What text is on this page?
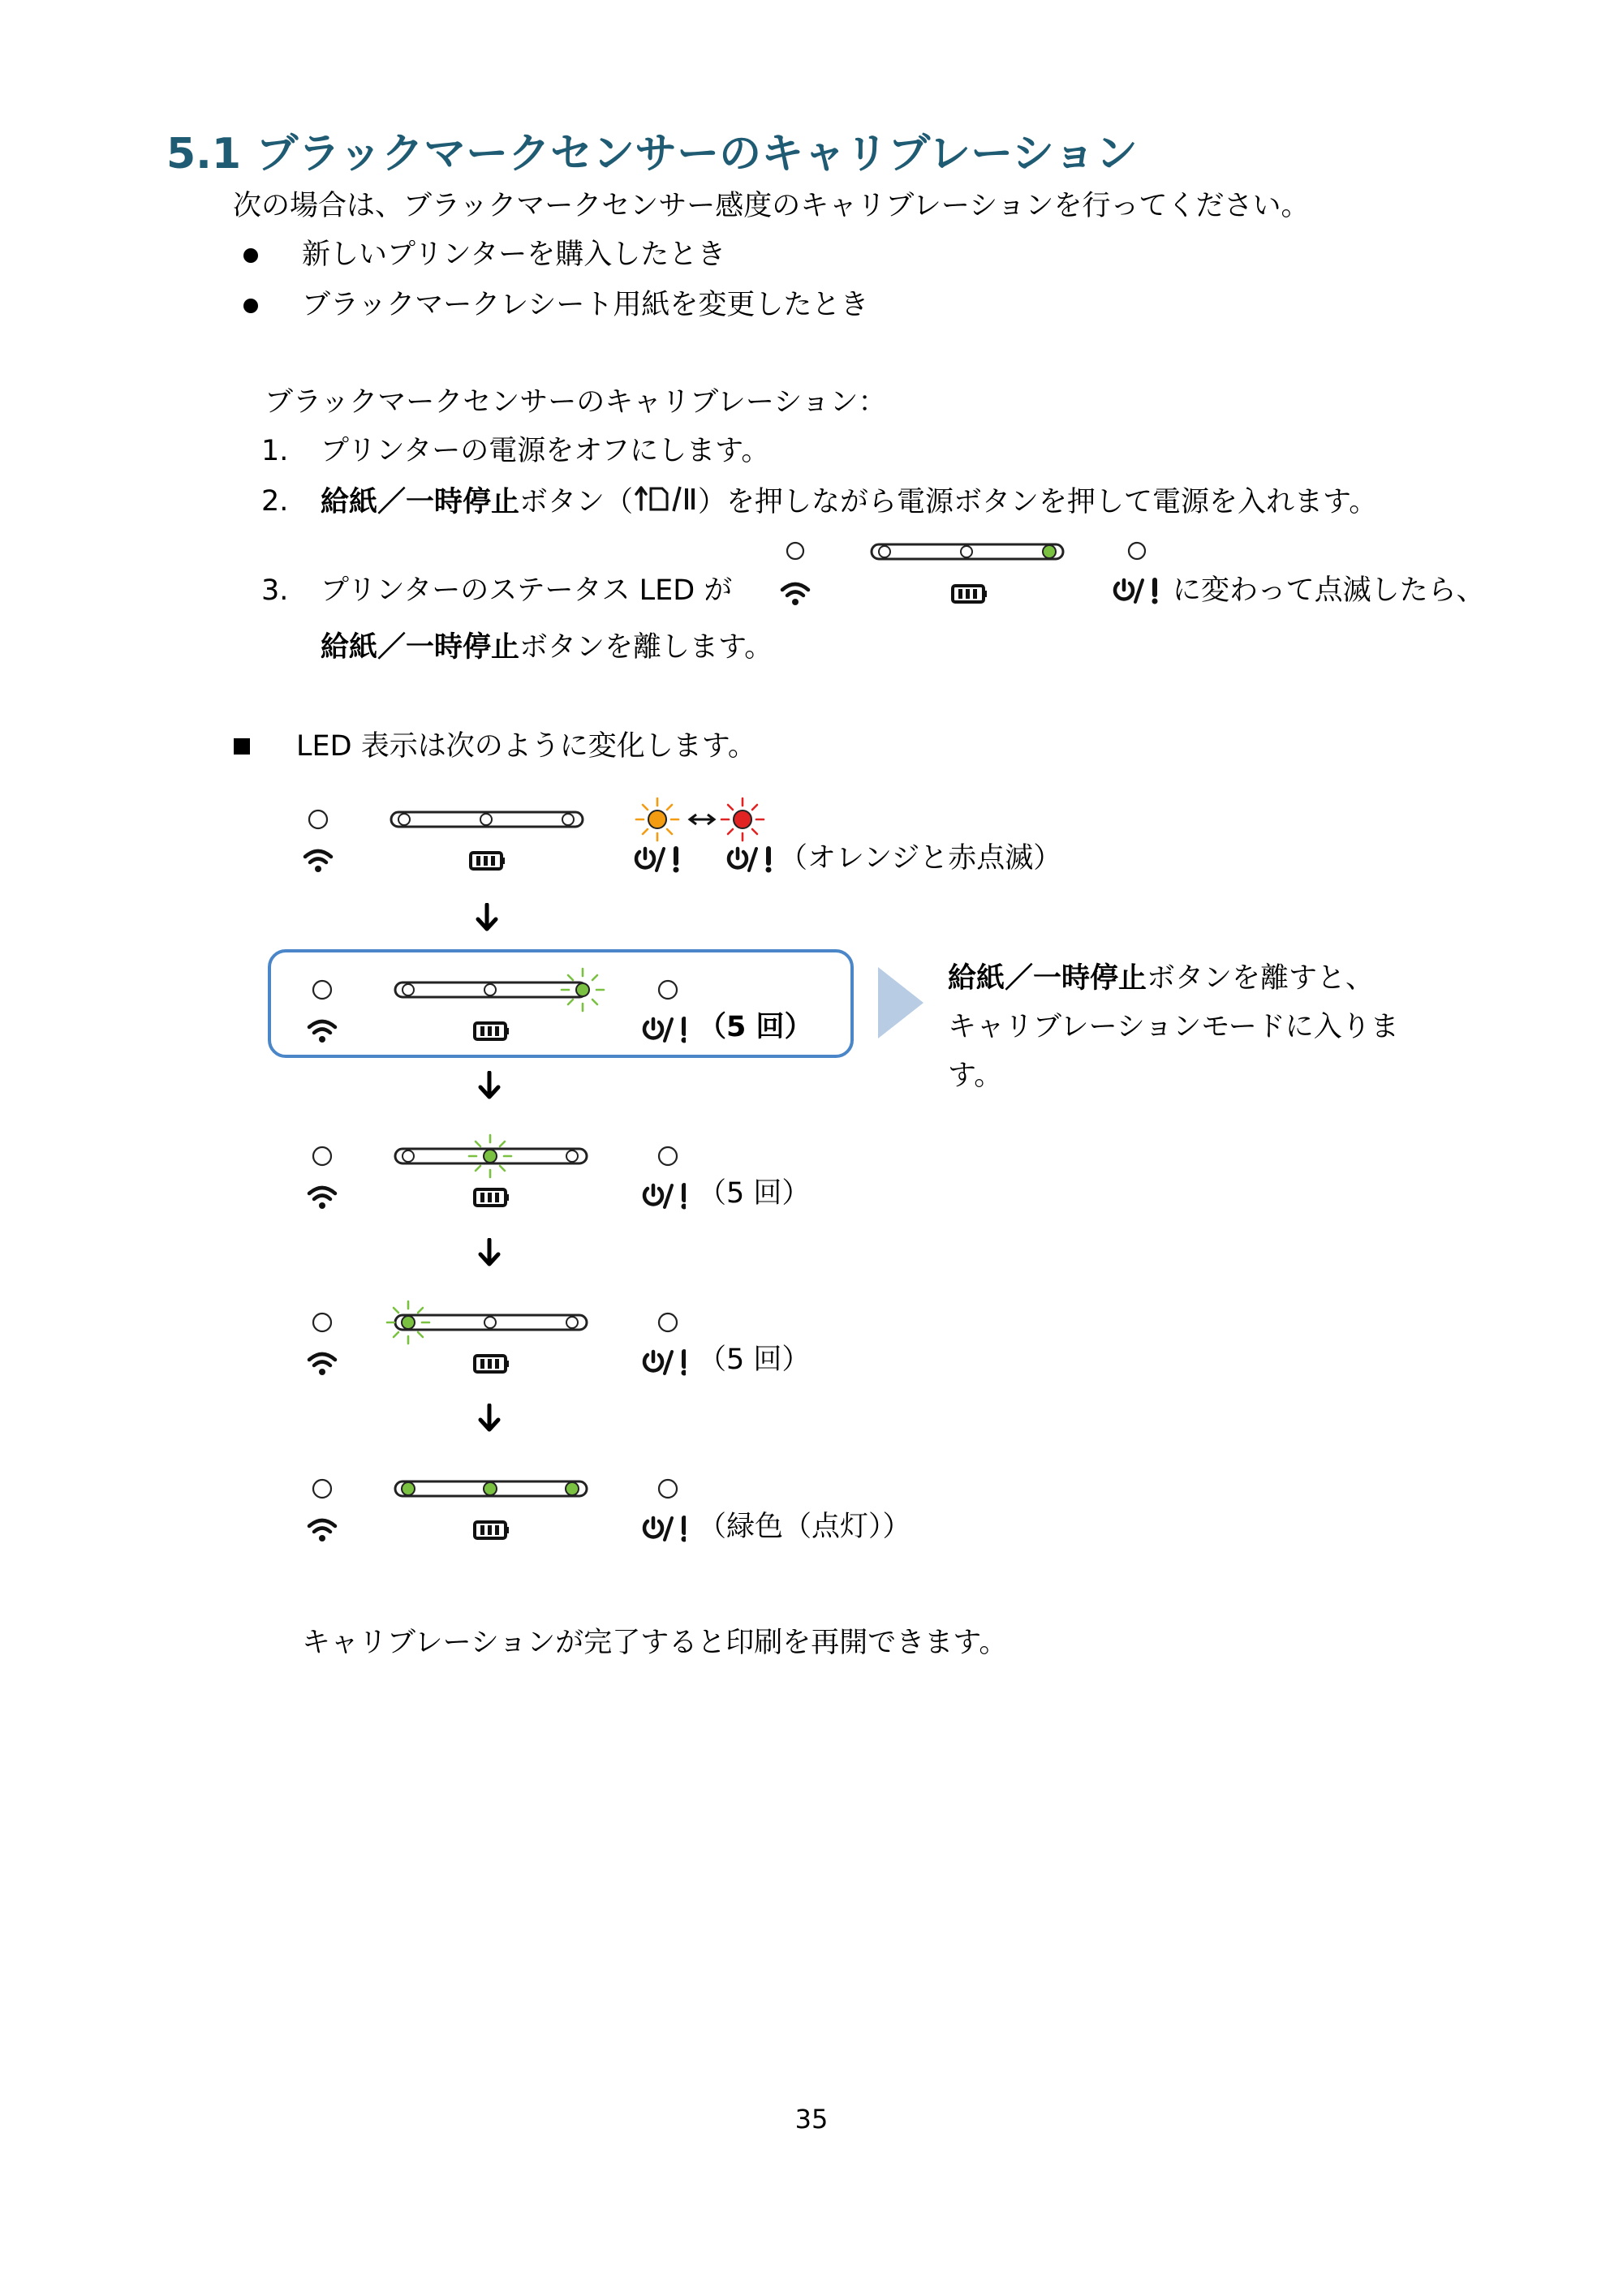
5.1 ブラックマークセンサーのキャリブレーション
次の場合は、ブラックマークセンサー感度のキャリブレーションを行ってください。
新しいプリンターを購入したとき
ブラックマークレシート用紙を変更したとき
ブラックマークセンサーのキャリブレーション：
1. プリンターの電源をオフにします。
2. 給紙／一時停止ボタン（ ）を押しながら電源ボタンを押して電源を入れます。
3. プリンターのステータス LED が	に変わって点滅したら、
給紙／一時停止ボタンを離します。
LED 表示は次のように変化します。
（オレンジと赤点滅）
（5 回）
給紙／一時停止ボタンを離すと、
キャリブレーションモードに入りま
す。
（5 回）
（5 回）
（緑色（点灯））
キャリブレーションが完了すると印刷を再開できます。
35
